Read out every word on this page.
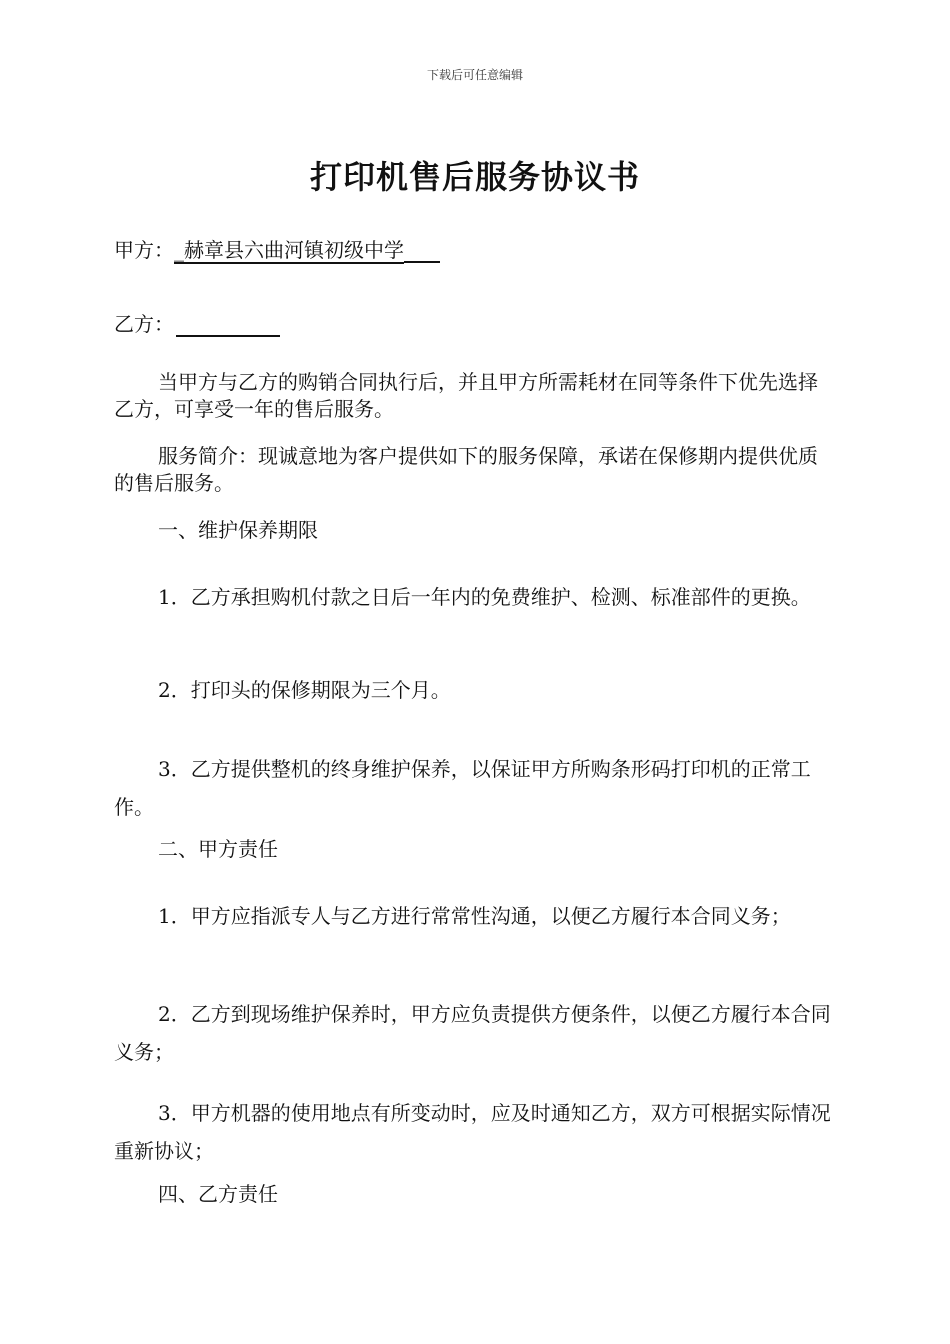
下载后可任意编辑
打印机售后服务协议书
甲方：_赫章县六曲河镇初级中学
乙方：

当甲方与乙方的购销合同执行后，并且甲方所需耗材在同等条件下优先选择乙方，可享受一年的售后服务。

服务简介：现诚意地为客户提供如下的服务保障，承诺在保修期内提供优质的售后服务。

一、维护保养期限

1．乙方承担购机付款之日后一年内的免费维护、检测、标准部件的更换。

2．打印头的保修期限为三个月。

3．乙方提供整机的终身维护保养，以保证甲方所购条形码打印机的正常工作。

二、甲方责任

1．甲方应指派专人与乙方进行常常性沟通，以便乙方履行本合同义务；

2．乙方到现场维护保养时，甲方应负责提供方便条件，以便乙方履行本合同义务；

3．甲方机器的使用地点有所变动时，应及时通知乙方，双方可根据实际情况重新协议；

四、乙方责任
